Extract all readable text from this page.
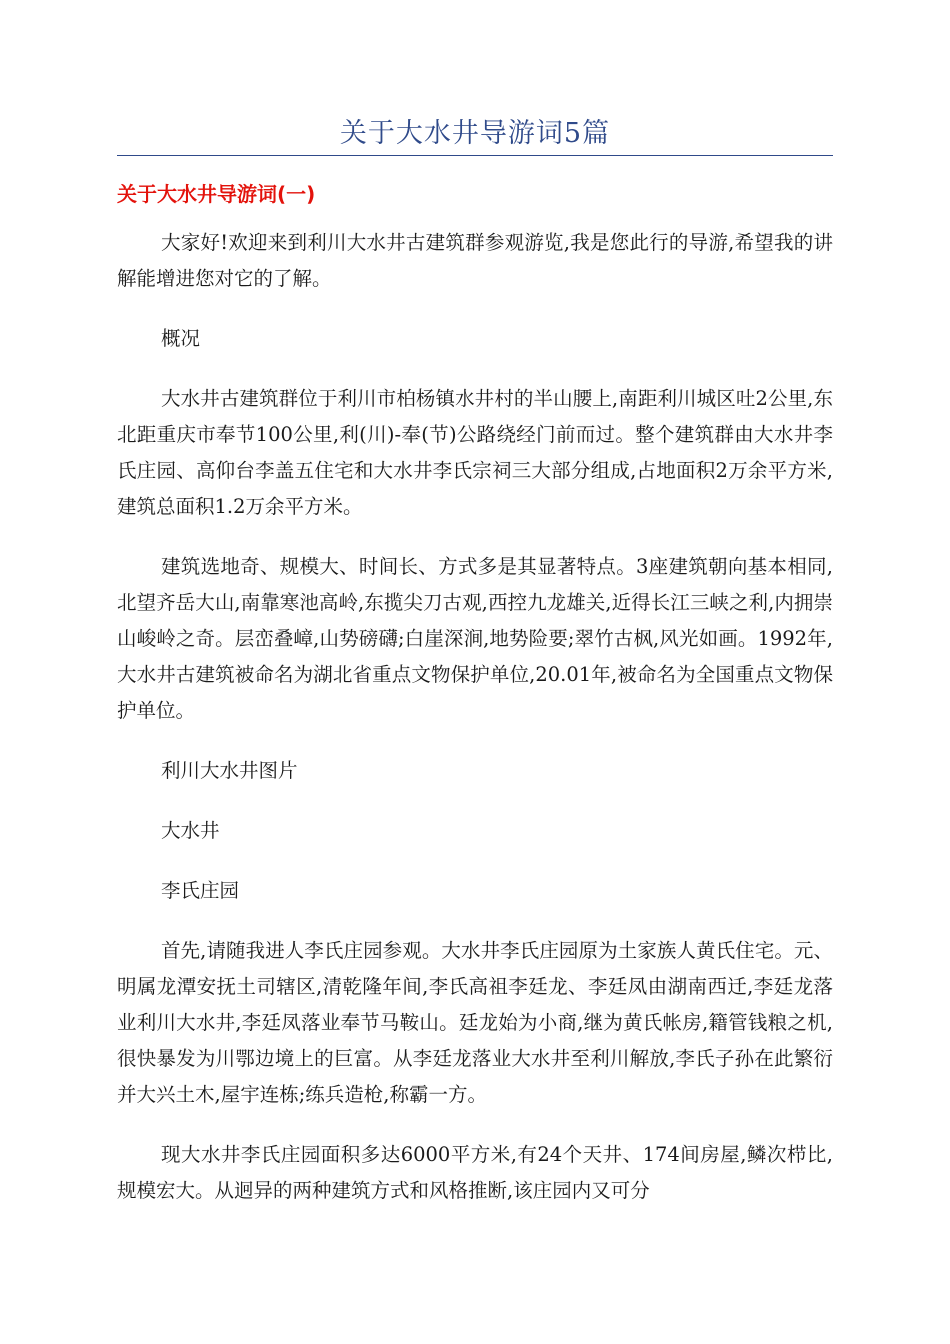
关于大水井导游词5篇
关于大水井导游词(一)

大家好!欢迎来到利川大水井古建筑群参观游览,我是您此行的导游,希望我的讲解能增进您对它的了解。

概况

大水井古建筑群位于利川市柏杨镇水井村的半山腰上,南距利川城区吐2公里,东北距重庆市奉节100公里,利(川)-奉(节)公路绕经门前而过。整个建筑群由大水井李氏庄园、高仰台李盖五住宅和大水井李氏宗祠三大部分组成,占地面积2万余平方米,建筑总面积1.2万余平方米。

建筑选地奇、规模大、时间长、方式多是其显著特点。3座建筑朝向基本相同,北望齐岳大山,南靠寒池高岭,东揽尖刀古观,西控九龙雄关,近得长江三峡之利,内拥崇山峻岭之奇。层峦叠嶂,山势磅礴;白崖深涧,地势险要;翠竹古枫,风光如画。1992年,大水井古建筑被命名为湖北省重点文物保护单位,20.01年,被命名为全国重点文物保护单位。

利川大水井图片

大水井

李氏庄园

首先,请随我进人李氏庄园参观。大水井李氏庄园原为土家族人黄氏住宅。元、明属龙潭安抚土司辖区,清乾隆年间,李氏高祖李廷龙、李廷凤由湖南西迁,李廷龙落业利川大水井,李廷凤落业奉节马鞍山。廷龙始为小商,继为黄氏帐房,籍管钱粮之机,很快暴发为川鄂边境上的巨富。从李廷龙落业大水井至利川解放,李氏子孙在此繁衍并大兴土木,屋宇连栋;练兵造枪,称霸一方。

现大水井李氏庄园面积多达6000平方米,有24个天井、174间房屋,鳞次栉比,规模宏大。从迥异的两种建筑方式和风格推断,该庄园内又可分
